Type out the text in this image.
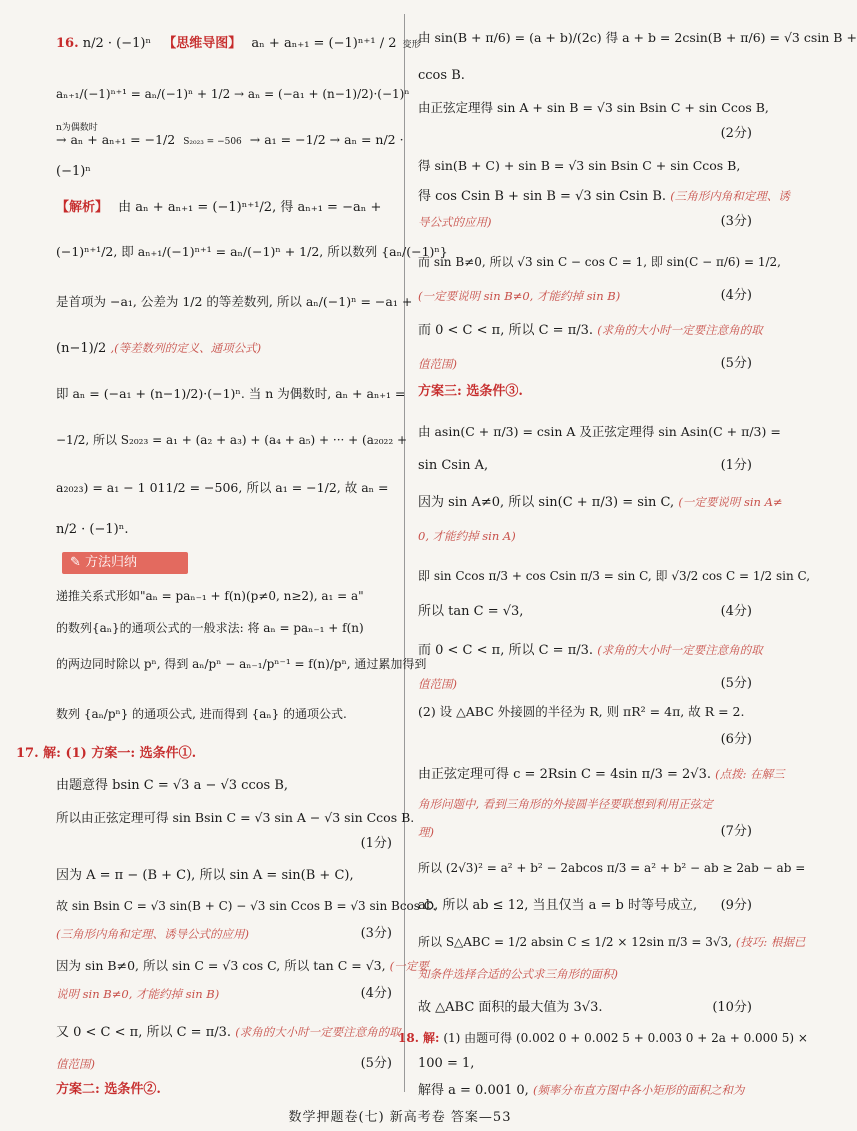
16. n/2 · (−1)ⁿ 【思维导图】 aₙ + aₙ₊₁ = (−1)ⁿ⁺¹ / 2 变形
aₙ₊₁/(−1)ⁿ⁺¹ = aₙ/(−1)ⁿ + 1/2 → aₙ = (−a₁ + (n−1)/2)·(−1)ⁿ
n为偶数时
→ aₙ + aₙ₊₁ = −1/2 S₂₀₂₃ = −506 → a₁ = −1/2 → aₙ = n/2 ·
(−1)ⁿ
【解析】 由 aₙ + aₙ₊₁ = (−1)ⁿ⁺¹/2, 得 aₙ₊₁ = −aₙ +
(−1)ⁿ⁺¹/2, 即 aₙ₊₁/(−1)ⁿ⁺¹ = aₙ/(−1)ⁿ + 1/2, 所以数列 {aₙ/(−1)ⁿ}
是首项为 −a₁, 公差为 1/2 的等差数列, 所以 aₙ/(−1)ⁿ = −a₁ +
(n−1)/2 ,(等差数列的定义、通项公式)
即 aₙ = (−a₁ + (n−1)/2)·(−1)ⁿ. 当 n 为偶数时, aₙ + aₙ₊₁ =
−1/2, 所以 S₂₀₂₃ = a₁ + (a₂ + a₃) + (a₄ + a₅) + ··· + (a₂₀₂₂ +
a₂₀₂₃) = a₁ − 1 011/2 = −506, 所以 a₁ = −1/2, 故 aₙ =
n/2 · (−1)ⁿ.
✎ 方法归纳
递推关系式形如"aₙ = paₙ₋₁ + f(n)(p≠0, n≥2), a₁ = a"
的数列{aₙ}的通项公式的一般求法: 将 aₙ = paₙ₋₁ + f(n)
的两边同时除以 pⁿ, 得到 aₙ/pⁿ − aₙ₋₁/pⁿ⁻¹ = f(n)/pⁿ, 通过累加得到
数列 {aₙ/pⁿ} 的通项公式, 进而得到 {aₙ} 的通项公式.
17. 解: (1) 方案一: 选条件①.
由题意得 bsin C = √3 a − √3 ccos B,
所以由正弦定理可得 sin Bsin C = √3 sin A − √3 sin Ccos B.
(1分)
因为 A = π − (B + C), 所以 sin A = sin(B + C),
故 sin Bsin C = √3 sin(B + C) − √3 sin Ccos B = √3 sin Bcos C.
(三角形内角和定理、诱导公式的应用)	(3分)
因为 sin B≠0, 所以 sin C = √3 cos C, 所以 tan C = √3, (一定要
说明 sin B≠0, 才能约掉 sin B)	(4分)
又 0 < C < π, 所以 C = π/3. (求角的大小时一定要注意角的取
值范围)	(5分)
方案二: 选条件②.
由 sin(B + π/6) = (a + b)/(2c) 得 a + b = 2csin(B + π/6) = √3 csin B +
ccos B.
由正弦定理得 sin A + sin B = √3 sin Bsin C + sin Ccos B,
(2分)
得 sin(B + C) + sin B = √3 sin Bsin C + sin Ccos B,
得 cos Csin B + sin B = √3 sin Csin B. (三角形内角和定理、诱
导公式的应用)	(3分)
而 sin B≠0, 所以 √3 sin C − cos C = 1, 即 sin(C − π/6) = 1/2,
(一定要说明 sin B≠0, 才能约掉 sin B)	(4分)
而 0 < C < π, 所以 C = π/3. (求角的大小时一定要注意角的取
值范围)	(5分)
方案三: 选条件③.
由 asin(C + π/3) = csin A 及正弦定理得 sin Asin(C + π/3) =
sin Csin A,	(1分)
因为 sin A≠0, 所以 sin(C + π/3) = sin C, (一定要说明 sin A≠
0, 才能约掉 sin A)
即 sin Ccos π/3 + cos Csin π/3 = sin C, 即 √3/2 cos C = 1/2 sin C,
所以 tan C = √3,	(4分)
而 0 < C < π, 所以 C = π/3. (求角的大小时一定要注意角的取
值范围)	(5分)
(2) 设 △ABC 外接圆的半径为 R, 则 πR² = 4π, 故 R = 2.
(6分)
由正弦定理可得 c = 2Rsin C = 4sin π/3 = 2√3. (点拨: 在解三
角形问题中, 看到三角形的外接圆半径要联想到利用正弦定
理)	(7分)
所以 (2√3)² = a² + b² − 2abcos π/3 = a² + b² − ab ≥ 2ab − ab =
ab, 所以 ab ≤ 12, 当且仅当 a = b 时等号成立, (9分)
所以 S△ABC = 1/2 absin C ≤ 1/2 × 12sin π/3 = 3√3, (技巧: 根据已
知条件选择合适的公式求三角形的面积)
故 △ABC 面积的最大值为 3√3.	(10分)
18. 解: (1) 由题可得 (0.002 0 + 0.002 5 + 0.003 0 + 2a + 0.000 5) ×
100 = 1,
解得 a = 0.001 0, (频率分布直方图中各小矩形的面积之和为
数学押题卷(七) 新高考卷 答案—53
